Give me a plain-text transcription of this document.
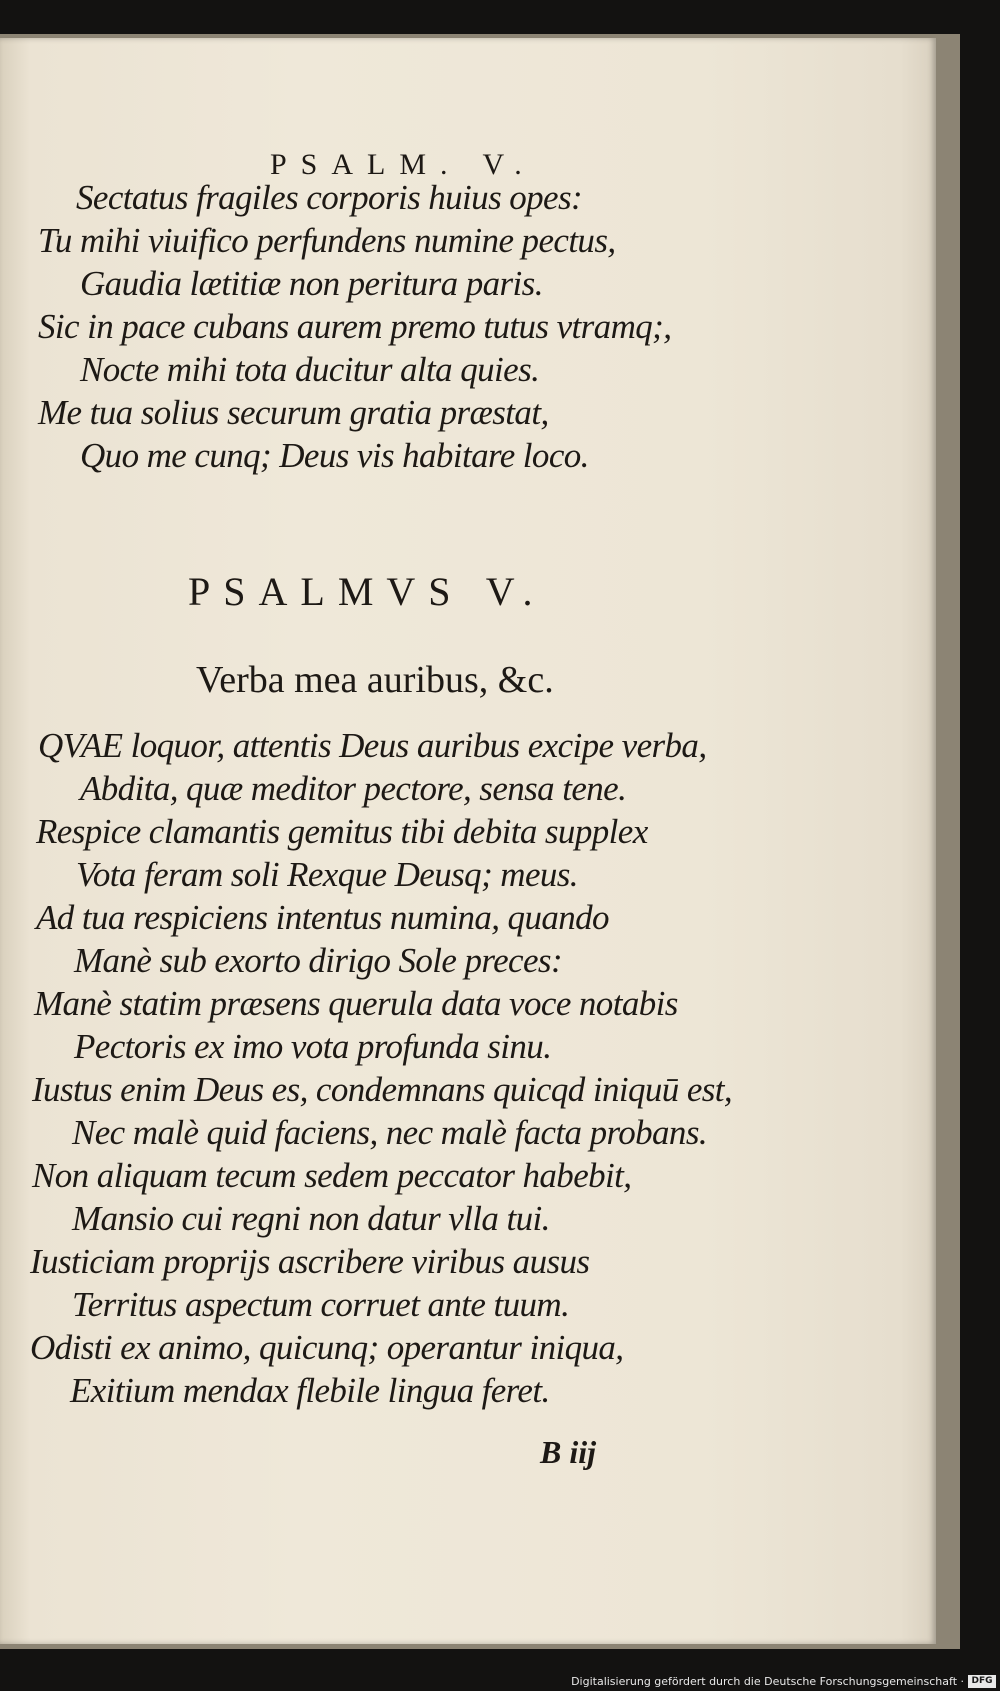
PSALM. V.
Sectatus fragiles corporis huius opes:
Tu mihi viuifico perfundens numine pectus,
Gaudia lætitiæ non peritura paris.
Sic in pace cubans aurem premo tutus vtramq;,
Nocte mihi tota ducitur alta quies.
Me tua solius securum gratia præstat,
Quo me cunq; Deus vis habitare loco.
PSALMVS V.
Verba mea auribus, &c.
QVAE loquor, attentis Deus auribus excipe verba,
Abdita, quæ meditor pectore, sensa tene.
Respice clamantis gemitus tibi debita supplex
Vota feram soli Rexque Deusq; meus.
Ad tua respiciens intentus numina, quando
Manè sub exorto dirigo Sole preces:
Manè statim præsens querula data voce notabis
Pectoris ex imo vota profunda sinu.
Iustus enim Deus es, condemnans quicqd iniquū est,
Nec malè quid faciens, nec malè facta probans.
Non aliquam tecum sedem peccator habebit,
Mansio cui regni non datur vlla tui.
Iusticiam proprijs ascribere viribus ausus
Territus aspectum corruet ante tuum.
Odisti ex animo, quicunq; operantur iniqua,
Exitium mendax flebile lingua feret.
B iij
Digitalisierung gefördert durch die Deutsche Forschungsgemeinschaft · DFG
